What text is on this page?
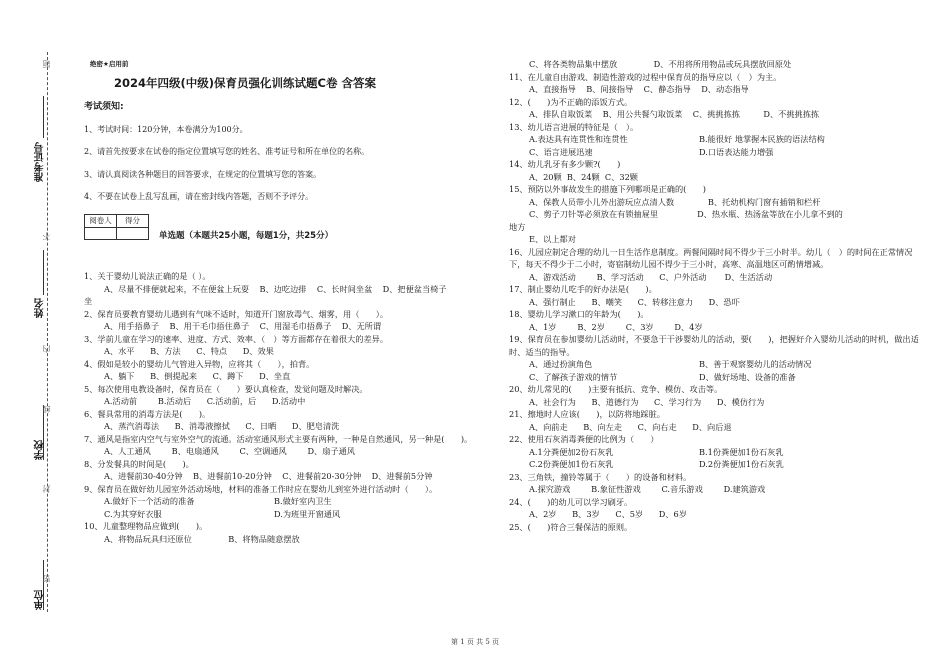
准考证号
姓名
学校
单位
题
不
内
线
封
密
绝密★启用前
2024年四级(中级)保育员强化训练试题C卷 含答案
考试须知:
1、考试时间：120分钟，本卷满分为100分。
2、请首先按要求在试卷的指定位置填写您的姓名、准考证号和所在单位的名称。
3、请认真阅读各种题目的回答要求，在规定的位置填写您的答案。
4、不要在试卷上乱写乱画，请在密封线内答题，否则不予评分。
阅卷人	得分

单选题（本题共25小题，每题1分，共25分）
1、关于婴幼儿说法正确的是（ ）。
A、尽量不排便就起来，不在便盆上玩耍    B、边吃边排    C、长时间坐盆    D、把便盆当椅子
坐
2、保育员要教育婴幼儿遇到有气味不适时，知道开门窗放毒气、烟雾，用（　　）。
A、用手捂鼻子    B、用干毛巾捂住鼻子    C、用湿毛巾捂鼻子    D、无所谓
3、学前儿童在学习的速率、进度、方式、效率、（　）等方面都存在着很大的差异。
A、水平      B、方法      C、特点      D、效果
4、假如是较小的婴幼儿气管进入异物，应将其（　　），拍背。
A、躺下      B、倒提起来      C、蹲下      D、坐直
5、每次使用电教设备时，保育员在（　　）要认真检查，发觉问题及时解决。
A.活动前        B.活动后      C.活动前，后      D.活动中
6、餐具常用的消毒方法是(　　)。
A、蒸汽消毒法      B、消毒液擦拭      C、日晒      D、肥皂清洗
7、通风是指室内空气与室外空气的流通。活动室通风形式主要有两种，一种是自然通风，另一种是(　　)。
A、人工通风        B、电扇通风        C、空调通风        D、扇子通风
8、分发餐具的时间是(　　)。
A、进餐前30-40分钟    B、进餐前10-20分钟    C、进餐前20-30分钟    D、进餐前5分钟
9、保育员在做好幼儿园室外活动场地，材料的准备工作时应在婴幼儿到室外进行活动时（　　）。
A.做好下一个活动的准备	B.做好室内卫生
C.为其穿好衣服	D.为班里开窗通风
10、儿童整理物品应做到(　　)。
A、将物品玩具归还原位              B、将物品随意摆放
C、将各类物品集中摆放              D、不用将所用物品或玩具摆放回原处
11、在儿童自由游戏、制造性游戏的过程中保育员的指导应以（　）为主。
A、直接指导    B、间接指导    C、静态指导    D、动态指导
12、(　　)为不正确的添饭方式。
A、排队自取饭菜    B、用公共餐勺取饭菜    C、挑挑拣拣         D、不挑挑拣拣
13、幼儿语言进展的特征是（　）。
A.表达具有连贯性和连贯性	B.能很好 地掌握本民族的语法结构
C、语言进展迅速	D.口语表达能力增强
14、幼儿乳牙有多少颗?(　　)
A、20颗  B、24颗  C、32颗
15、预防以外事故发生的措施下列哪项是正确的(　　)
A、保教人员带小儿外出游玩应点清人数             B、托幼机构门窗有插销和栏杆
C、剪子刀针等必须放在有锁抽屉里               D、热水瓶、热汤盆等放在小儿拿不到的
地方
E、以上都对
16、儿园应制定合理的幼儿一日生活作息制度。两餐间隔时间不得少于三小时半。幼儿（　）的时间在正常情况下，每天不得少于二小时，寄宿制幼儿园不得少于三小时，高寒、高温地区可酌情增减。
A、游戏活动        B、学习活动      C、户外活动       D、生活活动
17、制止婴幼儿吃手的好办法是(　　)。
A、强行制止      B、嘲笑      C、转移注意力      D、恐吓
18、婴幼儿学习漱口的年龄为(　　)。
A、1岁        B、2岁        C、3岁        D、4岁
19、保育员在参加婴幼儿活动时，不要急于干涉婴幼儿的活动，要(　　)，把握好介入婴幼儿活动的时机，做出适时、适当的指导。
A、通过扮演角色	B、善于观察婴幼儿的活动情况
C、了解孩子游戏的情节	D、做好场地、设备的准备
20、幼儿常见的(　　)主要有抵抗、竞争、模仿、攻击等。
A、社会行为      B、道德行为      C、学习行为      D、模仿行为
21、擦地时人应该(　　)，以防将地踩脏。
A、向前走      B、向左走      C、向右走      D、向后退
22、使用石灰消毒粪便的比例为（　　）
A.1分粪便加2份石灰乳	B.1份粪便加1份石灰乳
C.2份粪便加1份石灰乳	D.2份粪便加1份石灰乳
23、三角铁，撞铃等属于（　　）的设备和材料。
A.探究游戏        B.象征性游戏        C.音乐游戏        D.建筑游戏
24、(　　)的幼儿可以学习刷牙。
A、2岁      B、3岁      C、5岁      D、6岁
25、(　　)符合三餐保洁的原则。
第 1 页 共 5 页
